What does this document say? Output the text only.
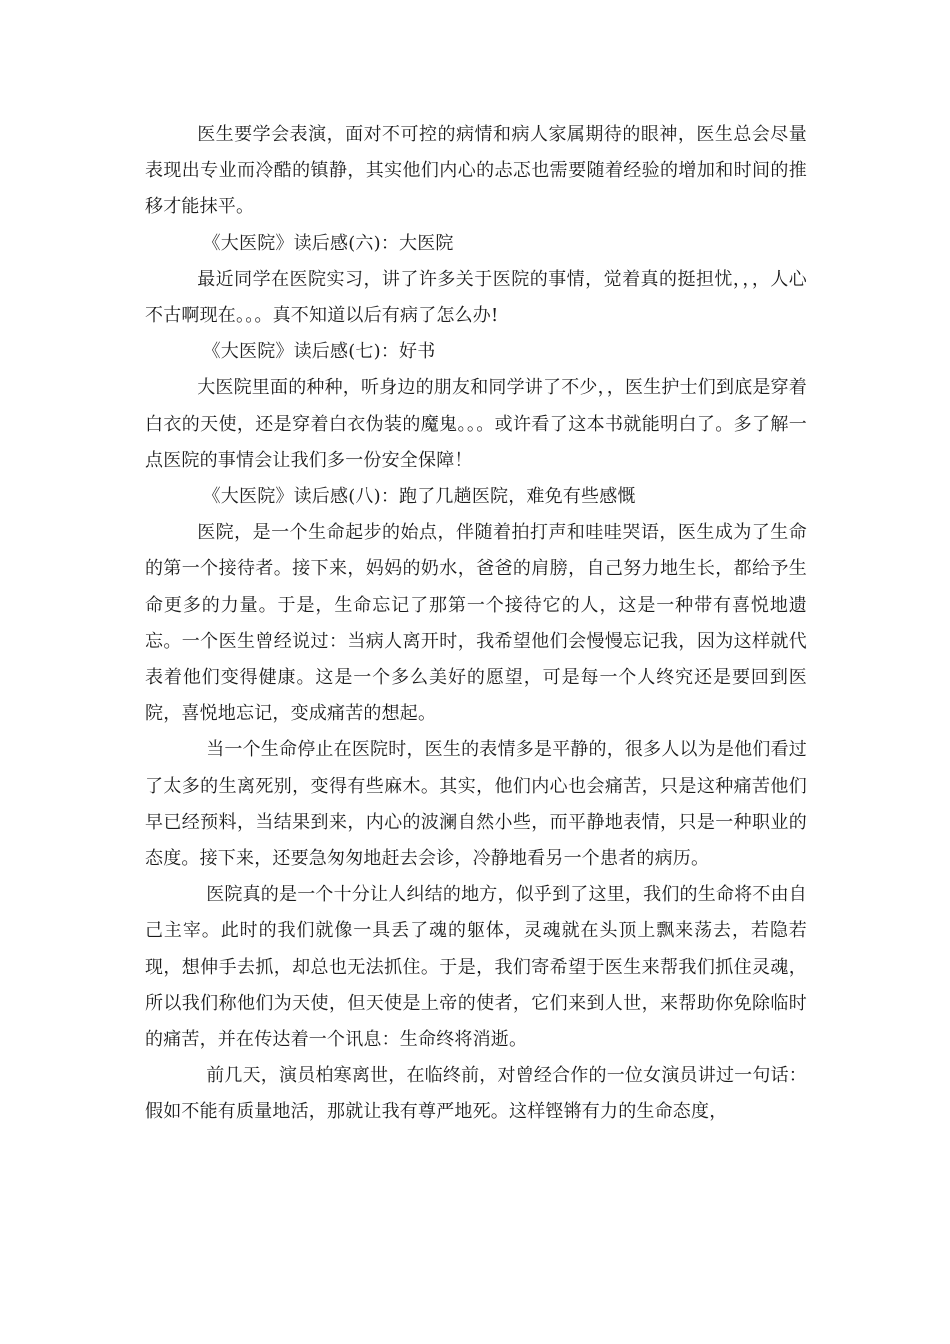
医生要学会表演，面对不可控的病情和病人家属期待的眼神，医生总会尽量表现出专业而冷酷的镇静，其实他们内心的忐忑也需要随着经验的增加和时间的推移才能抹平。

《大医院》读后感(六)：大医院

最近同学在医院实习，讲了许多关于医院的事情，觉着真的挺担忧，，，人心不古啊现在。。。真不知道以后有病了怎么办!

《大医院》读后感(七)：好书

大医院里面的种种，听身边的朋友和同学讲了不少，，医生护士们到底是穿着白衣的天使，还是穿着白衣伪装的魔鬼。。。或许看了这本书就能明白了。多了解一点医院的事情会让我们多一份安全保障！

《大医院》读后感(八)：跑了几趟医院，难免有些感慨

医院，是一个生命起步的始点，伴随着拍打声和哇哇哭语，医生成为了生命的第一个接待者。接下来，妈妈的奶水，爸爸的肩膀，自己努力地生长，都给予生命更多的力量。于是，生命忘记了那第一个接待它的人，这是一种带有喜悦地遗忘。一个医生曾经说过：当病人离开时，我希望他们会慢慢忘记我，因为这样就代表着他们变得健康。这是一个多么美好的愿望，可是每一个人终究还是要回到医院，喜悦地忘记，变成痛苦的想起。

当一个生命停止在医院时，医生的表情多是平静的，很多人以为是他们看过了太多的生离死别，变得有些麻木。其实，他们内心也会痛苦，只是这种痛苦他们早已经预料，当结果到来，内心的波澜自然小些，而平静地表情，只是一种职业的态度。接下来，还要急匆匆地赶去会诊，冷静地看另一个患者的病历。

医院真的是一个十分让人纠结的地方，似乎到了这里，我们的生命将不由自己主宰。此时的我们就像一具丢了魂的躯体，灵魂就在头顶上飘来荡去，若隐若现，想伸手去抓，却总也无法抓住。于是，我们寄希望于医生来帮我们抓住灵魂，所以我们称他们为天使，但天使是上帝的使者，它们来到人世，来帮助你免除临时的痛苦，并在传达着一个讯息：生命终将消逝。

前几天，演员柏寒离世，在临终前，对曾经合作的一位女演员讲过一句话：假如不能有质量地活，那就让我有尊严地死。这样铿锵有力的生命态度，
